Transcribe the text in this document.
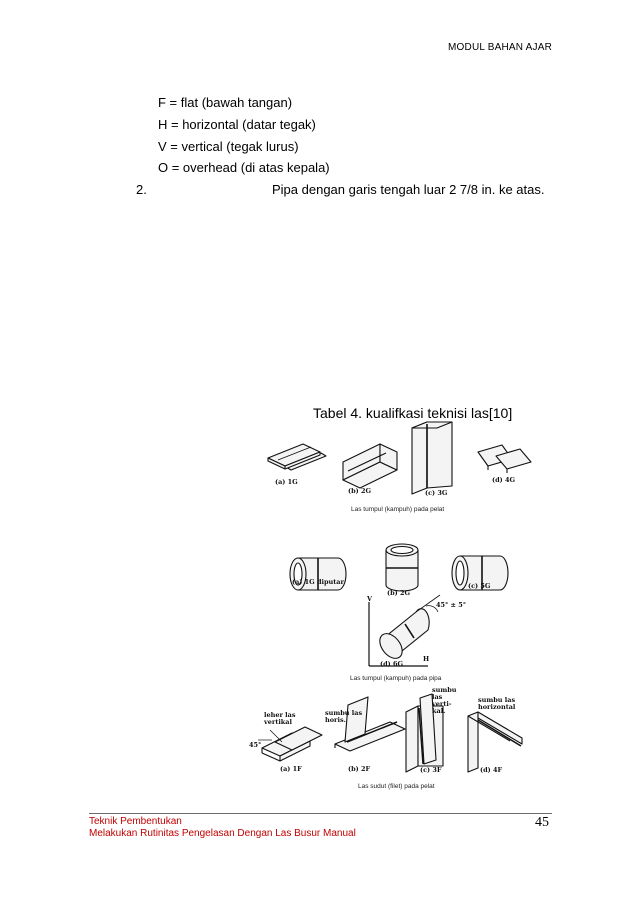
MODUL BAHAN AJAR
F = flat (bawah tangan)
H = horizontal (datar tegak)
V = vertical (tegak lurus)
O = overhead (di atas kepala)
2.	Pipa dengan garis tengah luar 2 7/8 in. ke atas.
Tabel 4. kualifkasi teknisi las[10]
(a) 1G
(b) 2G	(c) 3G
(d) 4G
Las tumpul (kampuh) pada pelat
(a) 1G diputar
(b) 2G
(c) 5G
(d) 6G
V
H
45° ± 5°
Las tumpul (kampuh) pada pipa
leher las vertikal
sumbu las horis.
sumbu las verti-kal.
sumbu las horizontal
45°
(a) 1F	(b) 2F	(c) 3F	(d) 4F
Las sudut (filet) pada pelat
Teknik Pembentukan
Melakukan Rutinitas Pengelasan Dengan Las Busur Manual
45
